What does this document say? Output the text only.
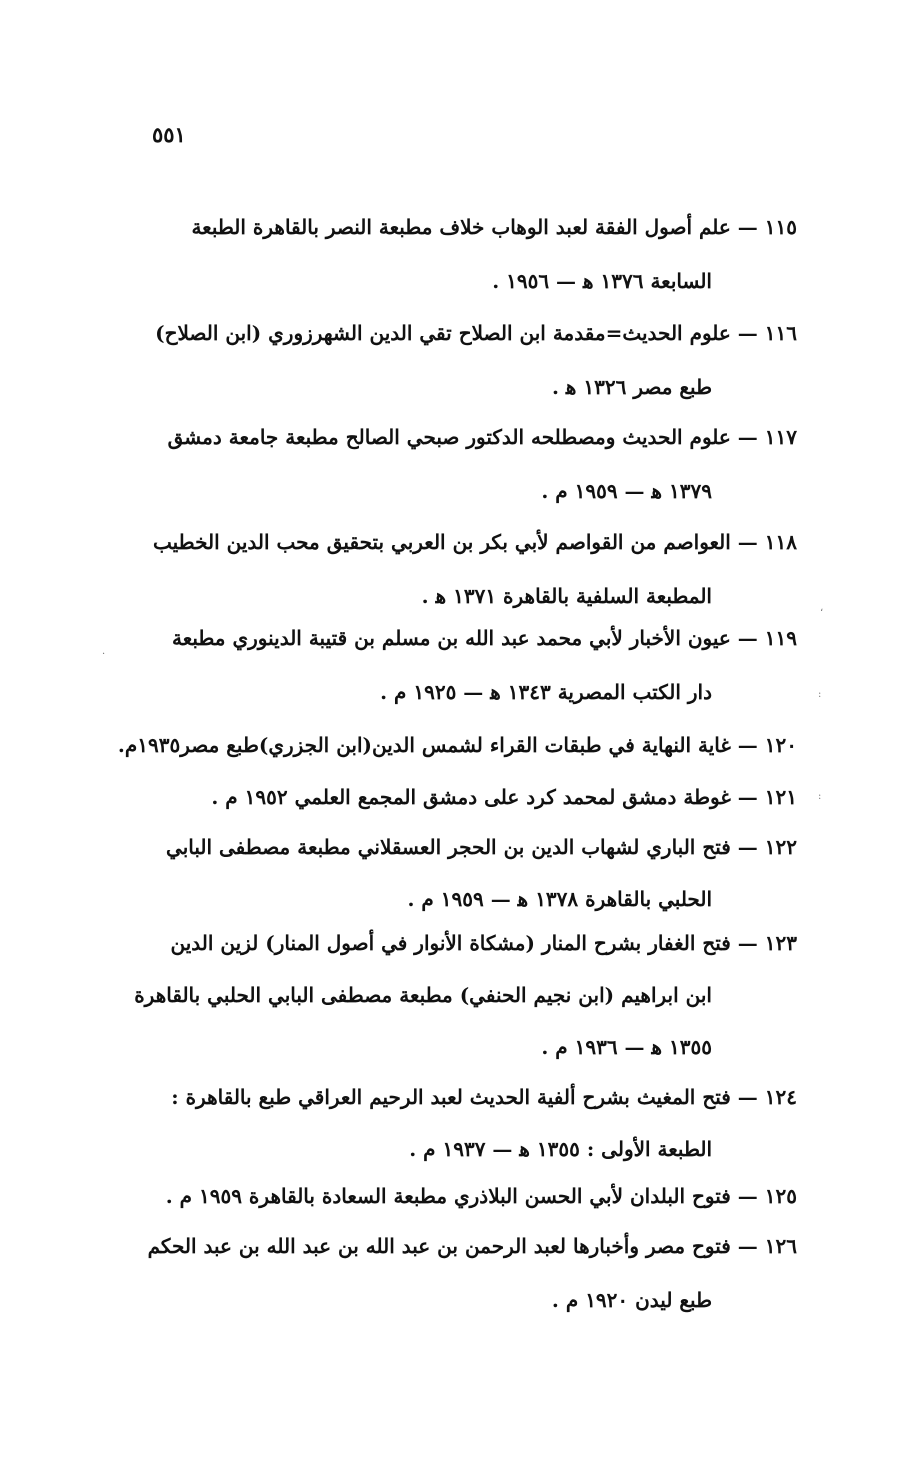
٥٥١
١١٥ — علم أصول الفقة لعبد الوهاب خلاف مطبعة النصر بالقاهرة الطبعة
السابعة ١٣٧٦ ﻫ — ١٩٥٦ .
١١٦ — علوم الحديث=مقدمة ابن الصلاح تقي الدين الشهرزوري (ابن الصلاح)
طبع مصر ١٣٢٦ ﻫ .
١١٧ — علوم الحديث ومصطلحه الدكتور صبحي الصالح مطبعة جامعة دمشق
١٣٧٩ ﻫ — ١٩٥٩ م .
١١٨ — العواصم من القواصم لأبي بكر بن العربي بتحقيق محب الدين الخطيب
المطبعة السلفية بالقاهرة ١٣٧١ ﻫ .
١١٩ — عيون الأخبار لأبي محمد عبد الله بن مسلم بن قتيبة الدينوري مطبعة
دار الكتب المصرية ١٣٤٣ ﻫ — ١٩٢٥ م .
١٢٠ — غاية النهاية في طبقات القراء لشمس الدين(ابن الجزري)طبع مصر١٩٣٥م.
١٢١ — غوطة دمشق لمحمد كرد على دمشق المجمع العلمي ١٩٥٢ م .
١٢٢ — فتح الباري لشهاب الدين بن الحجر العسقلاني مطبعة مصطفى البابي
الحلبي بالقاهرة ١٣٧٨ ﻫ — ١٩٥٩ م .
١٢٣ — فتح الغفار بشرح المنار (مشكاة الأنوار في أصول المنار) لزين الدين
ابن ابراهيم (ابن نجيم الحنفي) مطبعة مصطفى البابي الحلبي بالقاهرة
١٣٥٥ ﻫ — ١٩٣٦ م .
١٢٤ — فتح المغيث بشرح ألفية الحديث لعبد الرحيم العراقي طبع بالقاهرة :
الطبعة الأولى : ١٣٥٥ ﻫ — ١٩٣٧ م .
١٢٥ — فتوح البلدان لأبي الحسن البلاذري مطبعة السعادة بالقاهرة ١٩٥٩ م .
١٢٦ — فتوح مصر وأخبارها لعبد الرحمن بن عبد الله بن عبد الله بن عبد الحكم
طبع ليدن ١٩٢٠ م .
،
:
:
·
